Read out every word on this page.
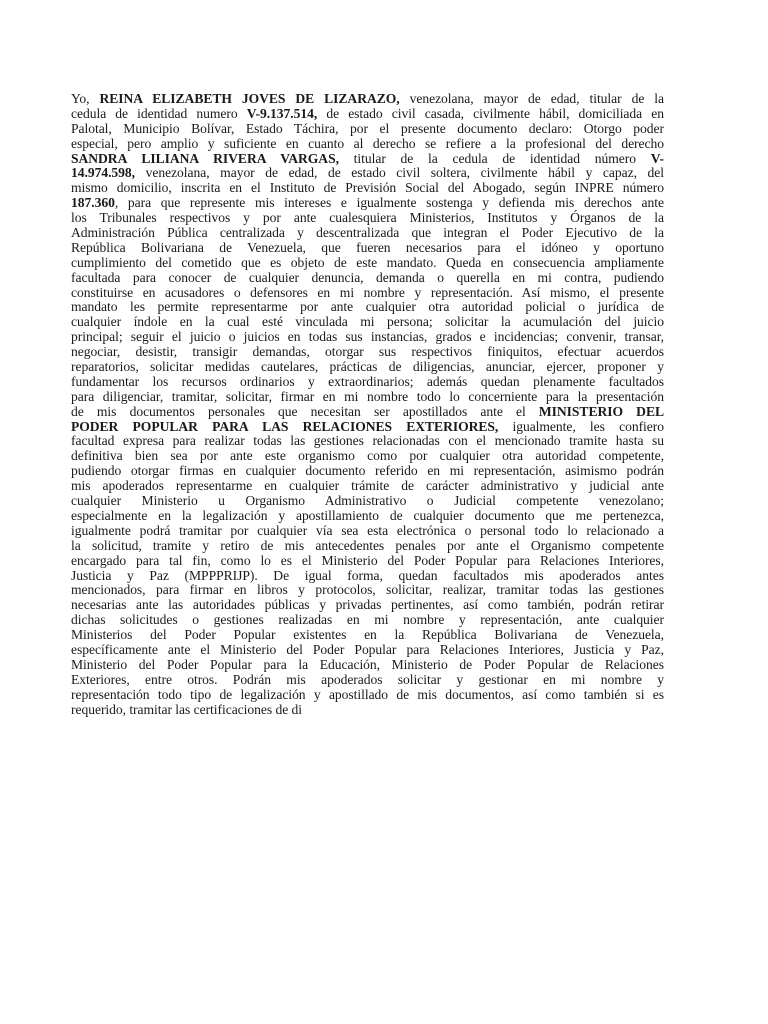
Yo, REINA ELIZABETH JOVES DE LIZARAZO, venezolana, mayor de edad, titular de la
cedula de identidad numero V-9.137.514, de estado civil casada, civilmente hábil, domiciliada en
Palotal, Municipio Bolívar, Estado Táchira, por el presente documento declaro: Otorgo poder
especial, pero amplio y suficiente en cuanto al derecho se refiere a la profesional del derecho
SANDRA LILIANA RIVERA VARGAS, titular de la cedula de identidad número V-
14.974.598, venezolana, mayor de edad, de estado civil soltera, civilmente hábil y capaz, del
mismo domicilio, inscrita en el Instituto de Previsión Social del Abogado, según INPRE número
187.360, para que represente mis intereses e igualmente sostenga y defienda mis derechos ante
los Tribunales respectivos y por ante cualesquiera Ministerios, Institutos y Órganos de la
Administración Pública centralizada y descentralizada que integran el Poder Ejecutivo de la
República Bolivariana de Venezuela, que fueren necesarios para el idóneo y oportuno
cumplimiento del cometido que es objeto de este mandato. Queda en consecuencia ampliamente
facultada para conocer de cualquier denuncia, demanda o querella en mi contra, pudiendo
constituirse en acusadores o defensores en mi nombre y representación. Así mismo, el presente
mandato les permite representarme por ante cualquier otra autoridad policial o jurídica de
cualquier índole en la cual esté vinculada mi persona; solicitar la acumulación del juicio
principal; seguir el juicio o juicios en todas sus instancias, grados e incidencias; convenir, transar,
negociar, desistir, transigir demandas, otorgar sus respectivos finiquitos, efectuar acuerdos
reparatorios, solicitar medidas cautelares, prácticas de diligencias, anunciar, ejercer, proponer y
fundamentar los recursos ordinarios y extraordinarios; además quedan plenamente facultados
para diligenciar, tramitar, solicitar, firmar en mi nombre todo lo concerniente para la presentación
de mis documentos personales que necesitan ser apostillados ante el MINISTERIO DEL
PODER POPULAR PARA LAS RELACIONES EXTERIORES, igualmente, les confiero
facultad expresa para realizar todas las gestiones relacionadas con el mencionado tramite hasta su
definitiva bien sea por ante este organismo como por cualquier otra autoridad competente,
pudiendo otorgar firmas en cualquier documento referido en mi representación, asimismo podrán
mis apoderados representarme en cualquier trámite de carácter administrativo y judicial ante
cualquier Ministerio u Organismo Administrativo o Judicial competente venezolano;
especialmente en la legalización y apostillamiento de cualquier documento que me pertenezca,
igualmente podrá tramitar por cualquier vía sea esta electrónica o personal todo lo relacionado a
la solicitud, tramite y retiro de mis antecedentes penales por ante el Organismo competente
encargado para tal fin, como lo es el Ministerio del Poder Popular para Relaciones Interiores,
Justicia y Paz (MPPPRIJP). De igual forma, quedan facultados mis apoderados antes
mencionados, para firmar en libros y protocolos, solicitar, realizar, tramitar todas las gestiones
necesarias ante las autoridades públicas y privadas pertinentes, así como también, podrán retirar
dichas solicitudes o gestiones realizadas en mi nombre y representación, ante cualquier
Ministerios del Poder Popular existentes en la República Bolivariana de Venezuela,
específicamente ante el Ministerio del Poder Popular para Relaciones Interiores, Justicia y Paz,
Ministerio del Poder Popular para la Educación, Ministerio de Poder Popular de Relaciones
Exteriores, entre otros. Podrán mis apoderados solicitar y gestionar en mi nombre y
representación todo tipo de legalización y apostillado de mis documentos, así como también si es
requerido, tramitar las certificaciones de di
